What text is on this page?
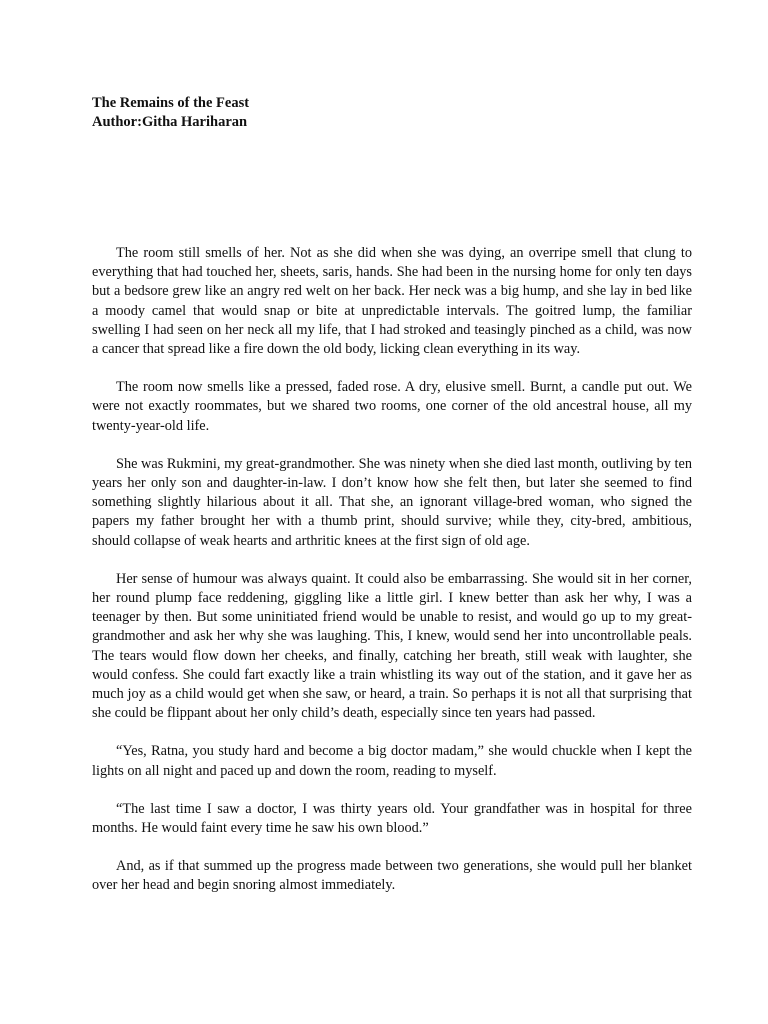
The Remains of the Feast
Author:Githa Hariharan

The room still smells of her. Not as she did when she was dying, an overripe smell that clung to everything that had touched her, sheets, saris, hands. She had been in the nursing home for only ten days but a bedsore grew like an angry red welt on her back. Her neck was a big hump, and she lay in bed like a moody camel that would snap or bite at unpredictable intervals. The goitred lump, the familiar swelling I had seen on her neck all my life, that I had stroked and teasingly pinched as a child, was now a cancer that spread like a fire down the old body, licking clean everything in its way.

The room now smells like a pressed, faded rose. A dry, elusive smell. Burnt, a candle put out. We were not exactly roommates, but we shared two rooms, one corner of the old ancestral house, all my twenty-year-old life.

She was Rukmini, my great-grandmother. She was ninety when she died last month, outliving by ten years her only son and daughter-in-law. I don’t know how she felt then, but later she seemed to find something slightly hilarious about it all. That she, an ignorant village-bred woman, who signed the papers my father brought her with a thumb print, should survive; while they, city-bred, ambitious, should collapse of weak hearts and arthritic knees at the first sign of old age.

Her sense of humour was always quaint. It could also be embarrassing. She would sit in her corner, her round plump face reddening, giggling like a little girl. I knew better than ask her why, I was a teenager by then. But some uninitiated friend would be unable to resist, and would go up to my great-grandmother and ask her why she was laughing. This, I knew, would send her into uncontrollable peals. The tears would flow down her cheeks, and finally, catching her breath, still weak with laughter, she would confess. She could fart exactly like a train whistling its way out of the station, and it gave her as much joy as a child would get when she saw, or heard, a train. So perhaps it is not all that surprising that she could be flippant about her only child’s death, especially since ten years had passed.

“Yes, Ratna, you study hard and become a big doctor madam,” she would chuckle when I kept the lights on all night and paced up and down the room, reading to myself.

“The last time I saw a doctor, I was thirty years old. Your grandfather was in hospital for three months. He would faint every time he saw his own blood.”

And, as if that summed up the progress made between two generations, she would pull her blanket over her head and begin snoring almost immediately.
